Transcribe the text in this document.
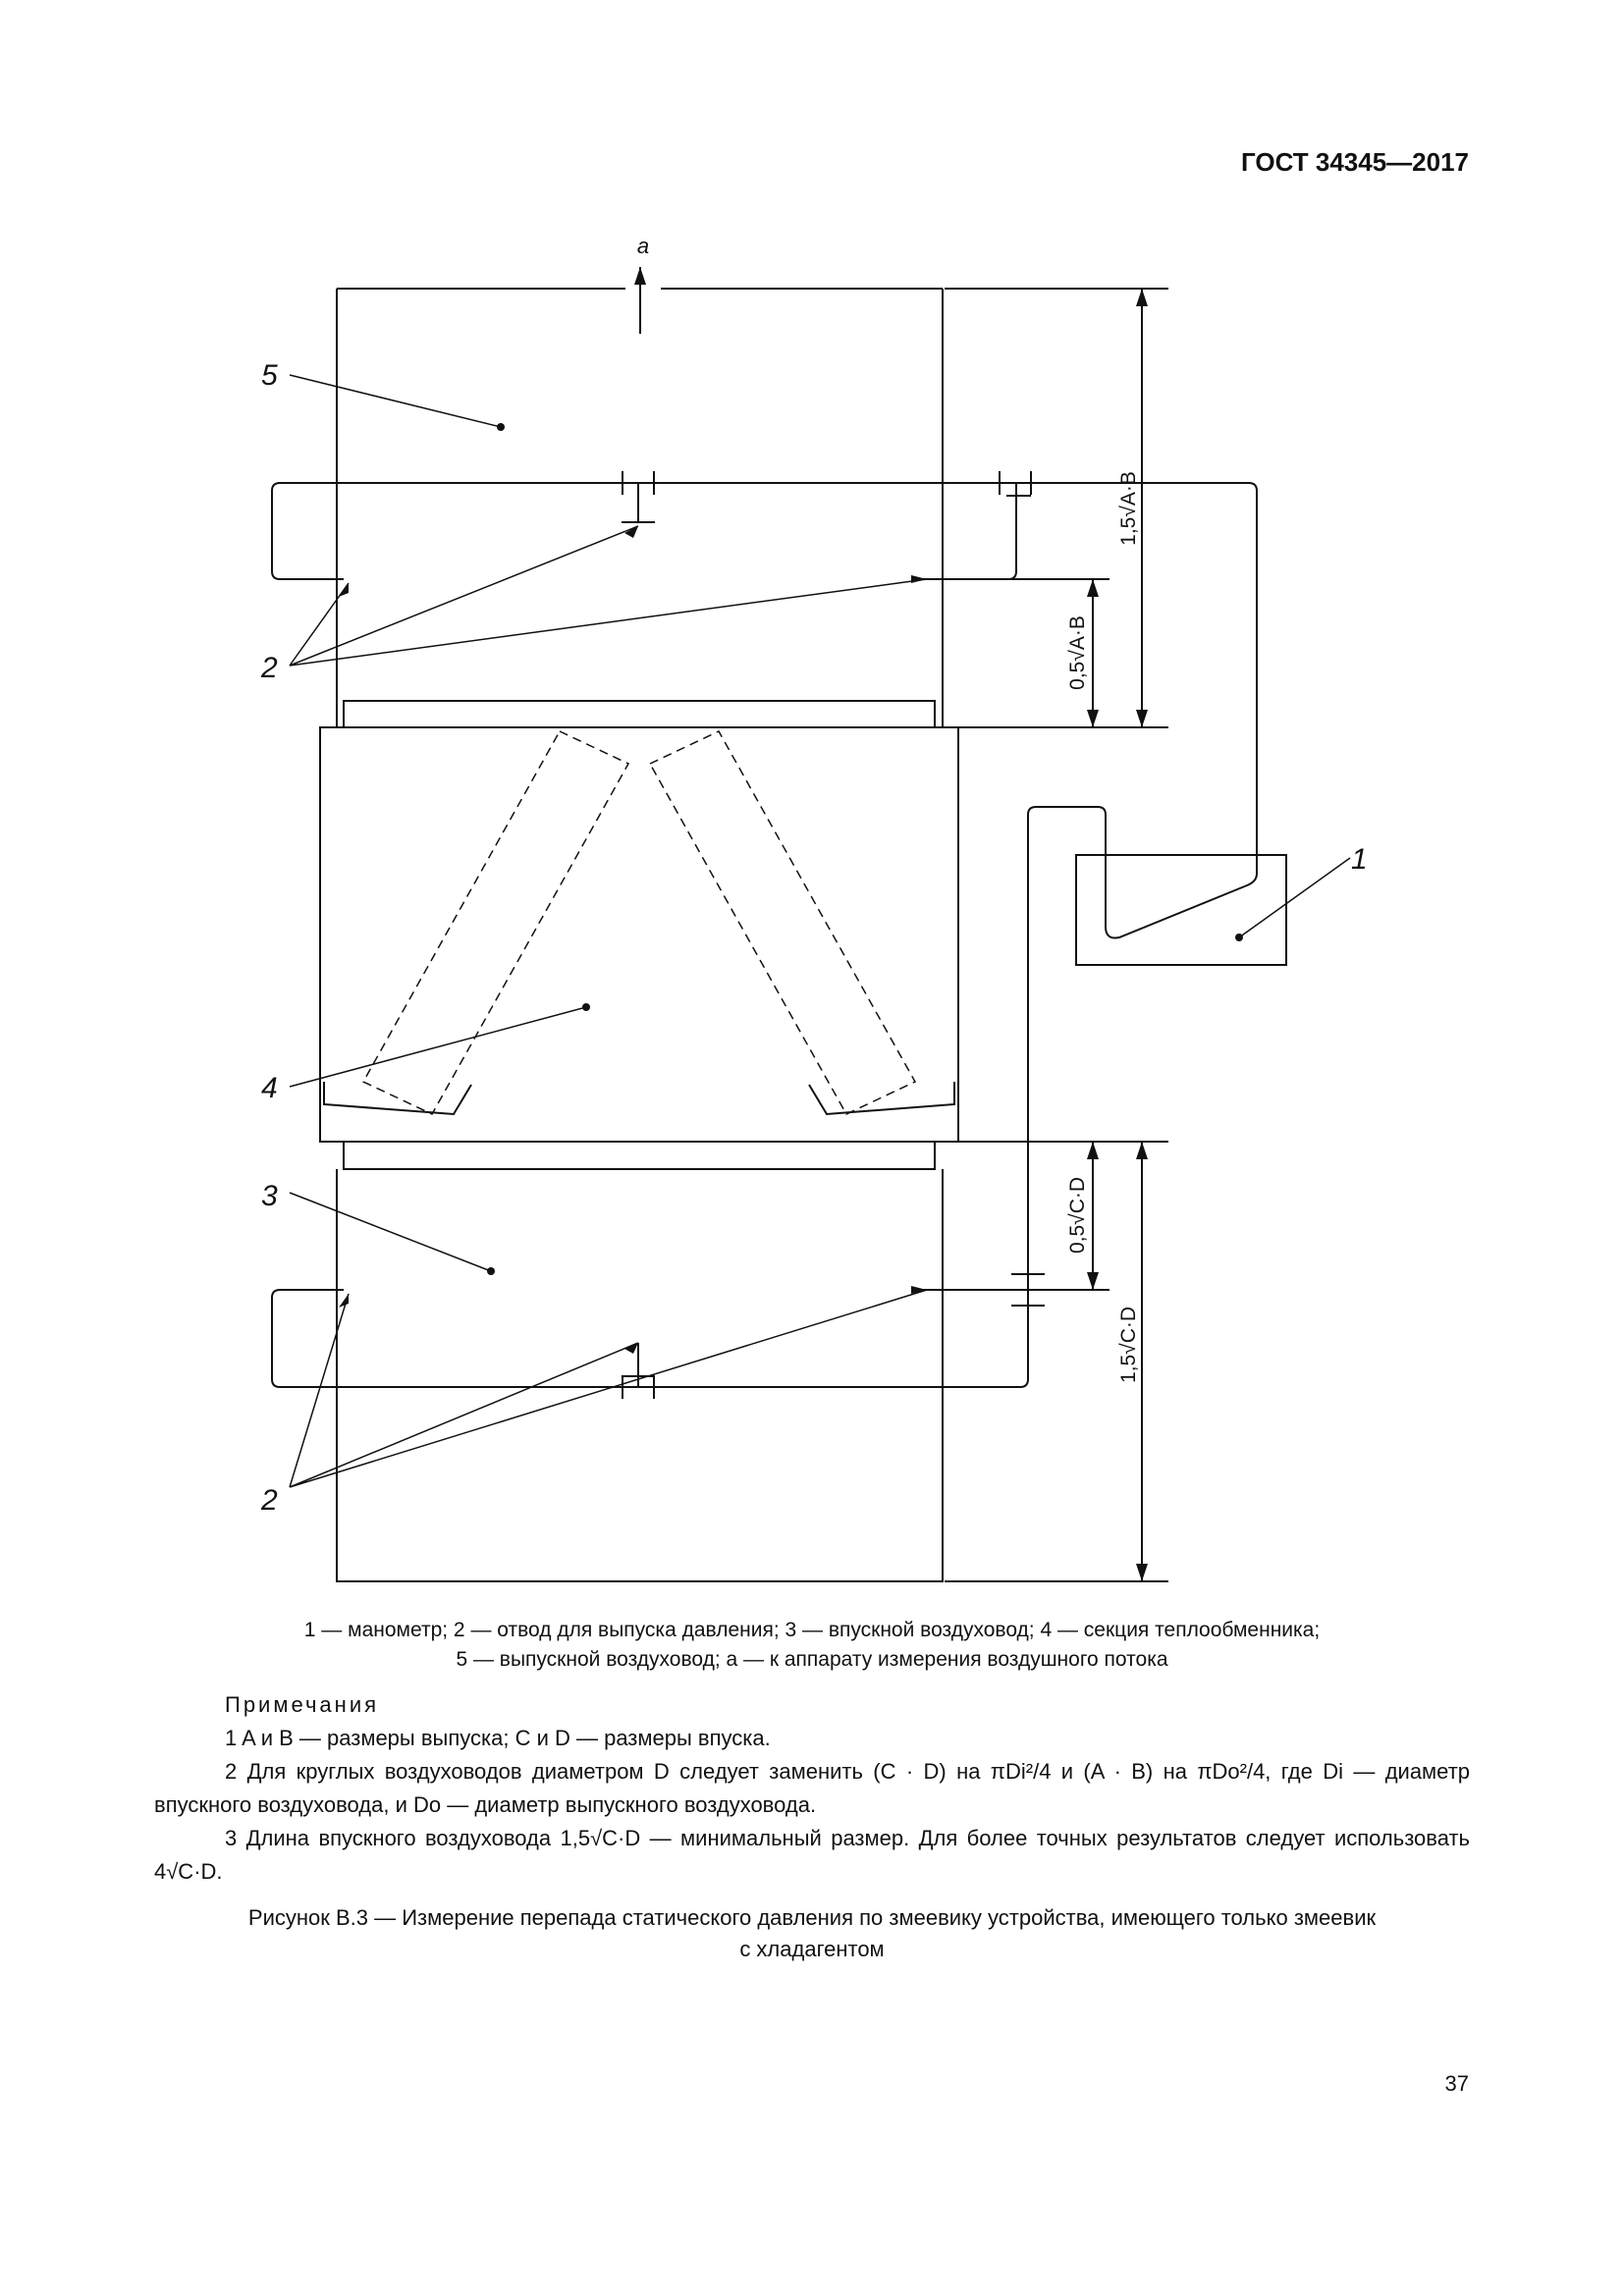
ГОСТ 34345—2017
a
5
2
4
3
2
1
1,5√A·B
0,5√A·B
0,5√C·D
1,5√C·D
1 — манометр; 2 — отвод для выпуска давления; 3 — впускной воздуховод; 4 — секция теплообменника;
5 — выпускной воздуховод; a — к аппарату измерения воздушного потока
Примечания
1 A и B — размеры выпуска; C и D — размеры впуска.
2 Для круглых воздуховодов диаметром D следует заменить (C · D) на πDi²/4 и (A · B) на πDo²/4, где Di — диаметр впускного воздуховода, и Do — диаметр выпускного воздуховода.
3 Длина впускного воздуховода 1,5√C·D — минимальный размер. Для более точных результатов следует использовать 4√C·D.
Рисунок В.3 — Измерение перепада статического давления по змеевику устройства, имеющего только змеевик
с хладагентом
37
